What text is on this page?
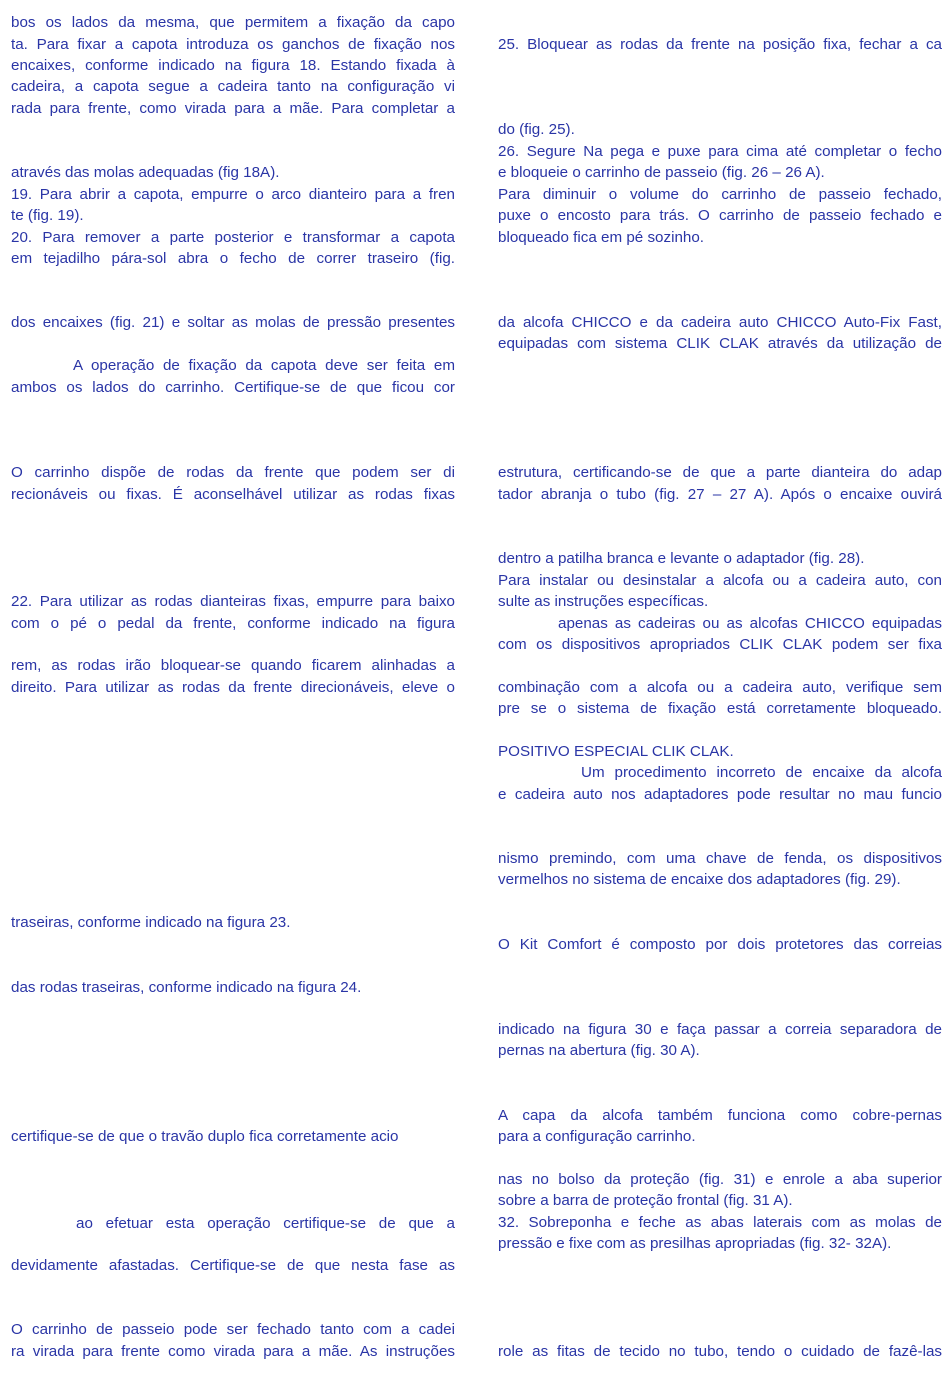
bos os lados da mesma, que permitem a fixação da capo
ta. Para fixar a capota introduza os ganchos de fixação nos
encaixes, conforme indicado na figura 18. Estando fixada à
cadeira, a capota segue a cadeira tanto na configuração vi
rada para frente, como virada para a mãe. Para completar a
através das molas adequadas (fig 18A).
19. Para abrir a capota, empurre o arco dianteiro para a fren
te (fig. 19).
20. Para remover a parte posterior e transformar a capota
em tejadilho pára-sol abra o fecho de correr traseiro (fig.
dos encaixes (fig. 21) e soltar as molas de pressão presentes
A operação de fixação da capota deve ser feita em
ambos os lados do carrinho. Certifique-se de que ficou cor
O carrinho dispõe de rodas da frente que podem ser di
recionáveis ou fixas. É aconselhável utilizar as rodas fixas
22. Para utilizar as rodas dianteiras fixas, empurre para baixo
com o pé o pedal da frente, conforme indicado na figura
rem, as rodas irão bloquear-se quando ficarem alinhadas a
direito. Para utilizar as rodas da frente direcionáveis, eleve o
traseiras, conforme indicado na figura 23.
das rodas traseiras, conforme indicado na figura 24.
certifique-se de que o travão duplo fica corretamente acio
ao efetuar esta operação certifique-se de que a
devidamente afastadas. Certifique-se de que nesta fase as
O carrinho de passeio pode ser fechado tanto com a cadei
ra virada para frente como virada para a mãe. As instruções
25. Bloquear as rodas da frente na posição fixa, fechar a ca
do (fig. 25).
26. Segure Na pega e puxe para cima até completar o fecho
e bloqueie o carrinho de passeio (fig. 26 – 26 A).
Para diminuir o volume do carrinho de passeio fechado,
puxe o encosto para trás. O carrinho de passeio fechado e
bloqueado fica em pé sozinho.
da alcofa CHICCO e da cadeira auto CHICCO Auto-Fix Fast,
equipadas com sistema CLIK CLAK através da utilização de
estrutura, certificando-se de que a parte dianteira do adap
tador abranja o tubo (fig. 27 – 27 A). Após o encaixe ouvirá
dentro a patilha branca e levante o adaptador (fig. 28).
Para instalar ou desinstalar a alcofa ou a cadeira auto, con
sulte as instruções específicas.
apenas as cadeiras ou as alcofas CHICCO equipadas
com os dispositivos apropriados CLIK CLAK podem ser fixa
combinação com a alcofa ou a cadeira auto, verifique sem
pre se o sistema de fixação está corretamente bloqueado.
POSITIVO ESPECIAL CLIK CLAK.
Um procedimento incorreto de encaixe da alcofa
e cadeira auto nos adaptadores pode resultar no mau funcio
nismo premindo, com uma chave de fenda, os dispositivos
vermelhos no sistema de encaixe dos adaptadores (fig. 29).
O Kit Comfort é composto por dois protetores das correias
indicado na figura 30 e faça passar a correia separadora de
pernas na abertura (fig. 30 A).
A capa da alcofa também funciona como cobre-pernas
para a configuração carrinho.
nas no bolso da proteção (fig. 31) e enrole a aba superior
sobre a barra de proteção frontal (fig. 31 A).
32. Sobreponha e feche as abas laterais com as molas de
pressão e fixe com as presilhas apropriadas (fig. 32- 32A).
role as fitas de tecido no tubo, tendo o cuidado de fazê-las
